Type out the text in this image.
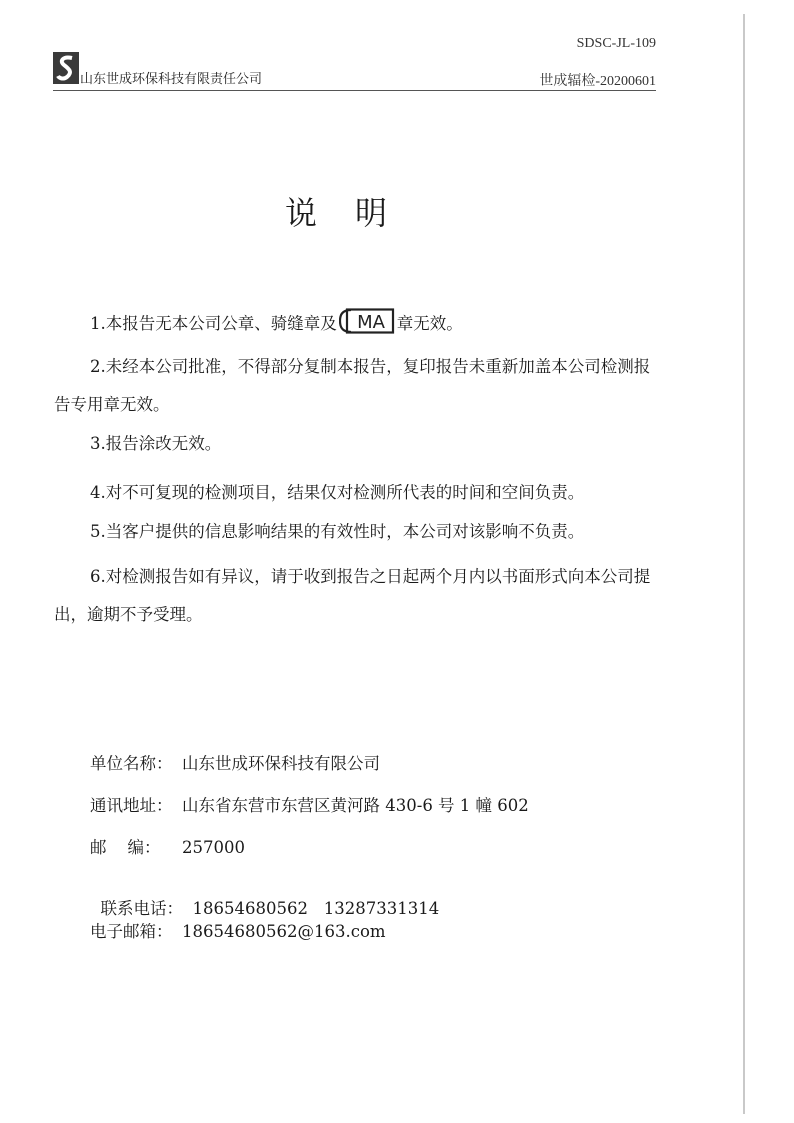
SDSC-JL-109
山东世成环保科技有限责任公司	世成辐检-20200601
说明
1.本报告无本公司公章、骑缝章及 MA 章无效。
2.未经本公司批准，不得部分复制本报告，复印报告未重新加盖本公司检测报告专用章无效。
3.报告涂改无效。
4.对不可复现的检测项目，结果仅对检测所代表的时间和空间负责。
5.当客户提供的信息影响结果的有效性时，本公司对该影响不负责。
6.对检测报告如有异议，请于收到报告之日起两个月内以书面形式向本公司提出，逾期不予受理。
单位名称： 山东世成环保科技有限公司
通讯地址： 山东省东营市东营区黄河路 430-6 号 1 幢 602
邮    编： 257000

联系电话： 18654680562   13287331314

电子邮箱： 18654680562@163.com
